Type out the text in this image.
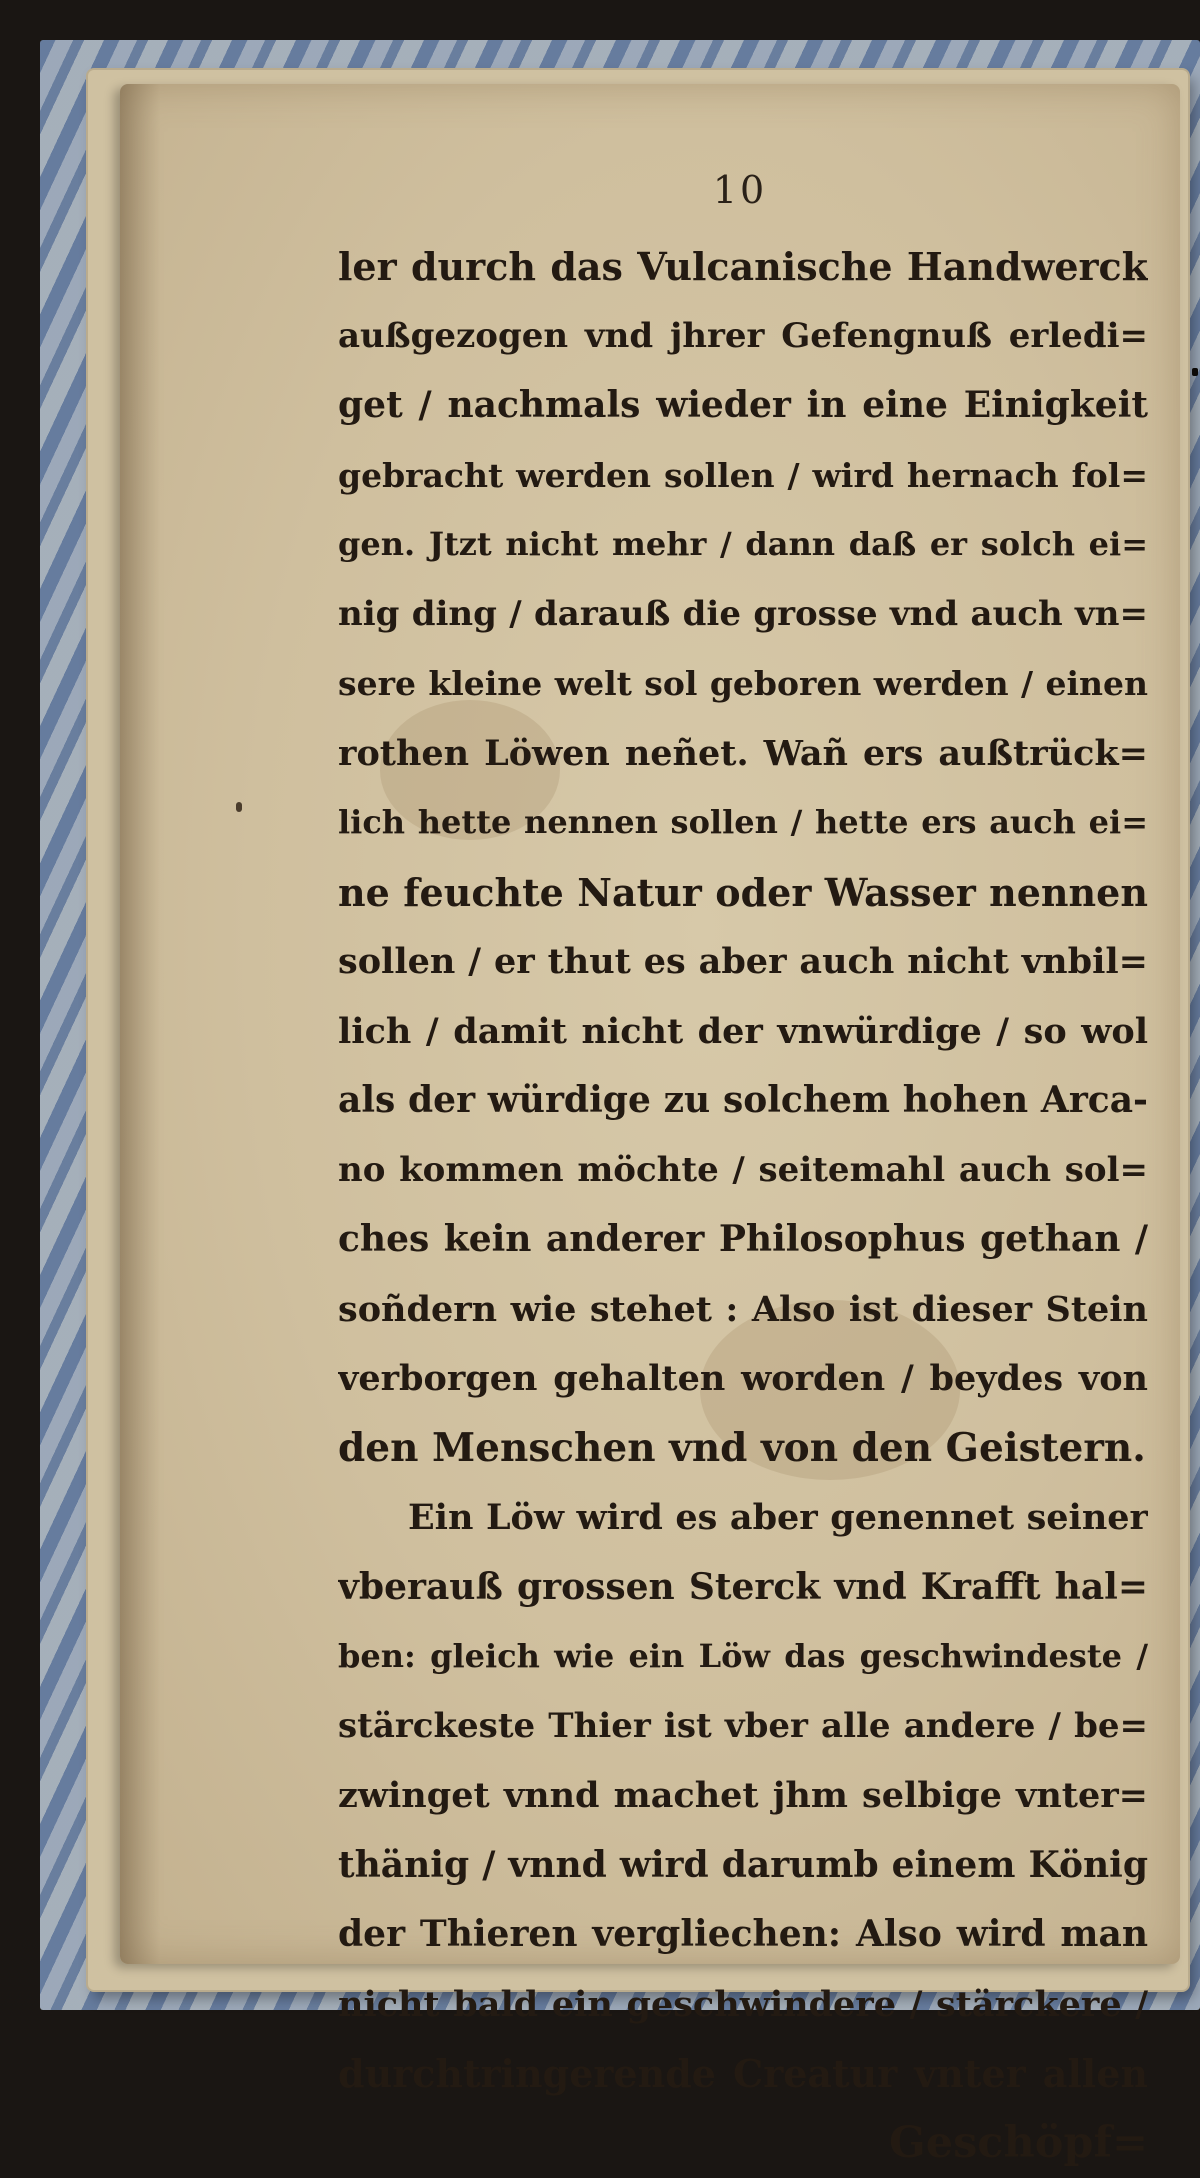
10
ler durch das Vulcanische Handwerck
außgezogen vnd jhrer Gefengnuß erledi=
get / nachmals wieder in eine Einigkeit
gebracht werden sollen / wird hernach fol=
gen. Jtzt nicht mehr / dann daß er solch ei=
nig ding / darauß die grosse vnd auch vn=
sere kleine welt sol geboren werden / einen
rothen Löwen neñet. Wañ ers außtrück=
lich hette nennen sollen / hette ers auch ei=
ne feuchte Natur oder Wasser nennen
sollen / er thut es aber auch nicht vnbil=
lich / damit nicht der vnwürdige / so wol
als der würdige zu solchem hohen Arca-
no kommen möchte / seitemahl auch sol=
ches kein anderer Philosophus gethan /
soñdern wie stehet : Also ist dieser Stein
verborgen gehalten worden / beydes von
den Menschen vnd von den Geistern.
Ein Löw wird es aber genennet seiner
vberauß grossen Sterck vnd Krafft hal=
ben: gleich wie ein Löw das geschwindeste /
stärckeste Thier ist vber alle andere / be=
zwinget vnnd machet jhm selbige vnter=
thänig / vnnd wird darumb einem König
der Thieren vergliechen: Also wird man
nicht bald ein geschwindere / stärckere /
durchtringerende Creatur vnter allen
Geschöpf=
